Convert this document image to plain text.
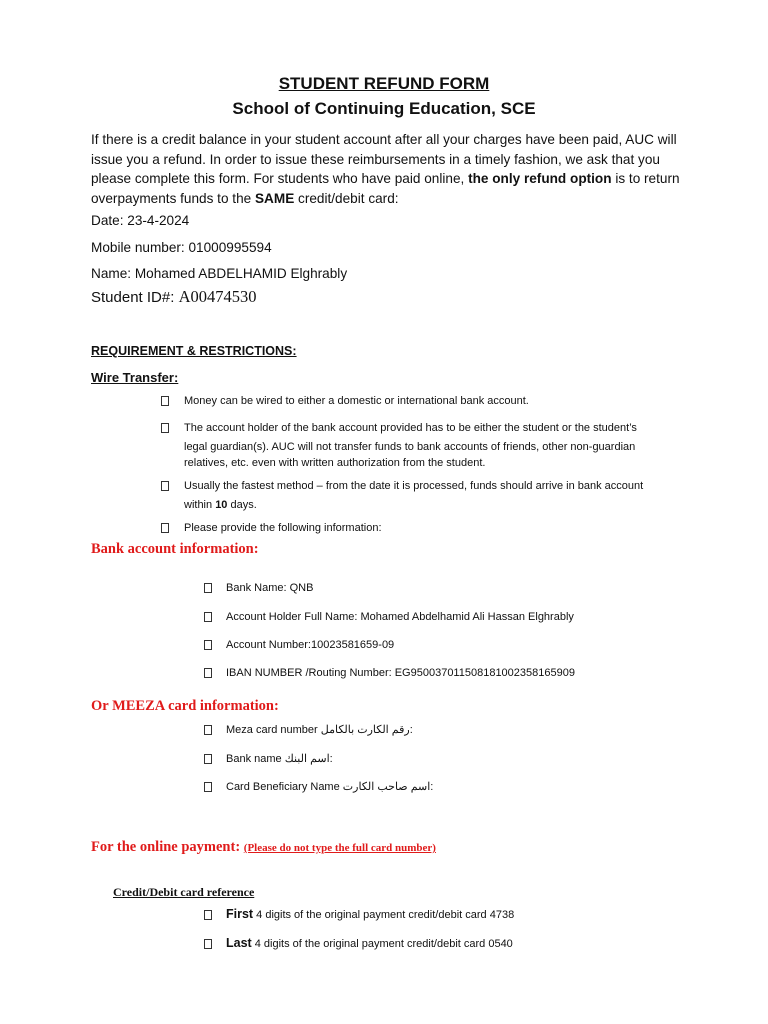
STUDENT REFUND FORM
School of Continuing Education, SCE
If there is a credit balance in your student account after all your charges have been paid, AUC will issue you a refund. In order to issue these reimbursements in a timely fashion, we ask that you please complete this form. For students who have paid online, the only refund option is to return overpayments funds to the SAME credit/debit card:
Date: 23-4-2024
Mobile number: 01000995594
Name: Mohamed ABDELHAMID Elghrably
Student ID#: A00474530
REQUIREMENT & RESTRICTIONS:
Wire Transfer:
Money can be wired to either a domestic or international bank account.
The account holder of the bank account provided has to be either the student or the student’s
legal guardian(s). AUC will not transfer funds to bank accounts of friends, other non-guardian
relatives, etc. even with written authorization from the student.
Usually the fastest method – from the date it is processed, funds should arrive in bank account
within 10 days.
Please provide the following information:
Bank account information:
Bank Name: QNB
Account Holder Full Name: Mohamed Abdelhamid Ali Hassan Elghrably
Account Number:10023581659-09
IBAN NUMBER /Routing Number: EG950037011508181002358165909
Or MEEZA card information:
Meza card number رقم الكارت بالكامل:
Bank name اسم البنك:
Card Beneficiary Name اسم صاحب الكارت:
For the online payment: (Please do not type the full card number)
Credit/Debit card reference
First 4 digits of the original payment credit/debit card 4738
Last 4 digits of the original payment credit/debit card 0540
